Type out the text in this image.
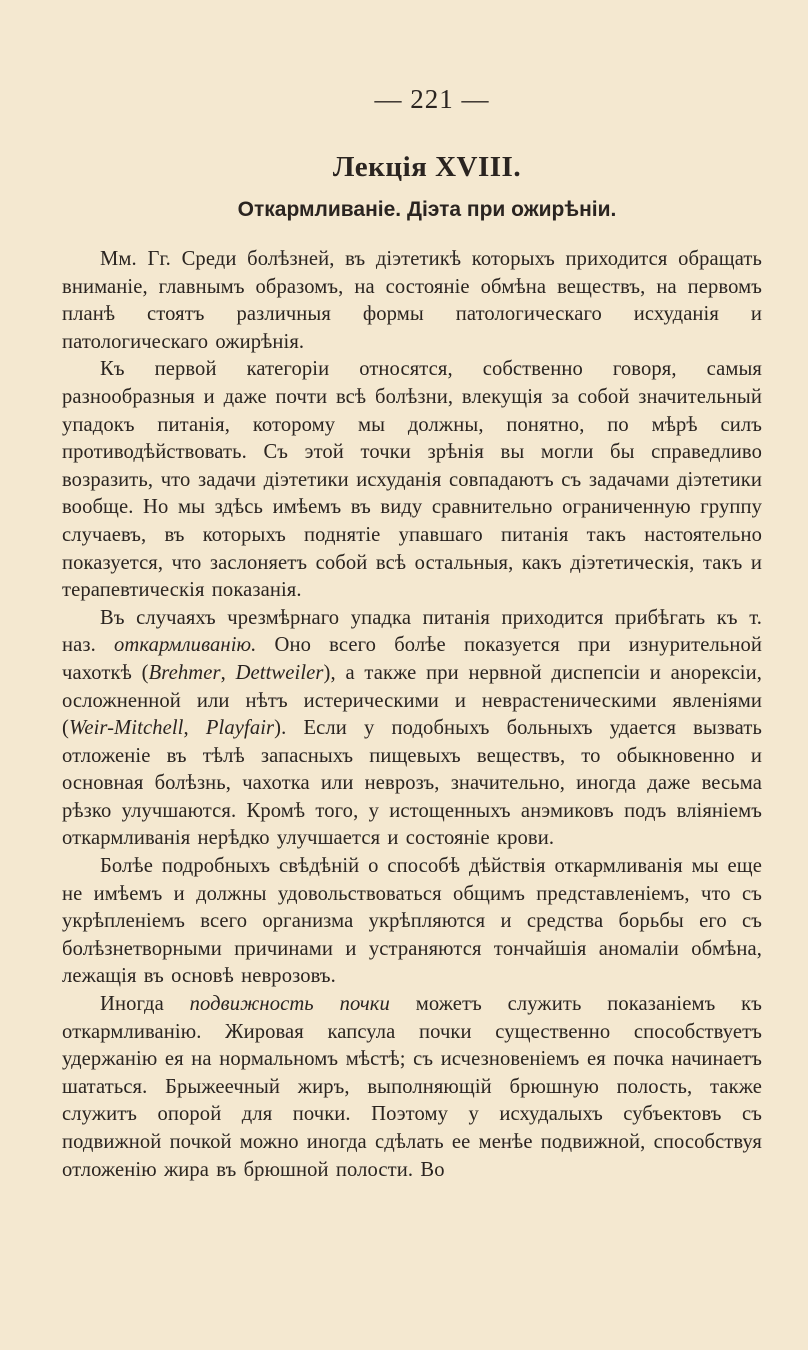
— 221 —
Лекція XVIII.
Откармливаніе. Діэта при ожирѣніи.

Мм. Гг. Среди болѣзней, въ діэтетикѣ которыхъ приходится обращать вниманіе, главнымъ образомъ, на состояніе обмѣна веществъ, на первомъ планѣ стоятъ различныя формы патологическаго исхуданія и патологическаго ожирѣнія.

Къ первой категоріи относятся, собственно говоря, самыя разнообразныя и даже почти всѣ болѣзни, влекущія за собой значительный упадокъ питанія, которому мы должны, понятно, по мѣрѣ силъ противодѣйствовать. Съ этой точки зрѣнія вы могли бы справедливо возразить, что задачи діэтетики исхуданія совпадаютъ съ задачами діэтетики вообще. Но мы здѣсь имѣемъ въ виду сравнительно ограниченную группу случаевъ, въ которыхъ поднятіе упавшаго питанія такъ настоятельно показуется, что заслоняетъ собой всѣ остальныя, какъ діэтетическія, такъ и терапевтическія показанія.

Въ случаяхъ чрезмѣрнаго упадка питанія приходится прибѣгать къ т. наз. откармливанію. Оно всего болѣе показуется при изнурительной чахоткѣ (Brehmer, Dettweiler), а также при нервной диспепсіи и анорексіи, осложненной или нѣтъ истерическими и неврастеническими явленіями (Weir-Mitchell, Playfair). Если у подобныхъ больныхъ удается вызвать отложеніе въ тѣлѣ запасныхъ пищевыхъ веществъ, то обыкновенно и основная болѣзнь, чахотка или неврозъ, значительно, иногда даже весьма рѣзко улучшаются. Кромѣ того, у истощенныхъ анэмиковъ подъ вліяніемъ откармливанія нерѣдко улучшается и состояніе крови.

Болѣе подробныхъ свѣдѣній о способѣ дѣйствія откармливанія мы еще не имѣемъ и должны удовольствоваться общимъ представленіемъ, что съ укрѣпленіемъ всего организма укрѣпляются и средства борьбы его съ болѣзнетворными причинами и устраняются тончайшія аномаліи обмѣна, лежащія въ основѣ неврозовъ.

Иногда подвижность почки можетъ служить показаніемъ къ откармливанію. Жировая капсула почки существенно способствуетъ удержанію ея на нормальномъ мѣстѣ; съ исчезновеніемъ ея почка начинаетъ шататься. Брыжеечный жиръ, выполняющій брюшную полость, также служитъ опорой для почки. Поэтому у исхудалыхъ субъектовъ съ подвижной почкой можно иногда сдѣлать ее менѣе подвижной, способствуя отложенію жира въ брюшной полости. Во
